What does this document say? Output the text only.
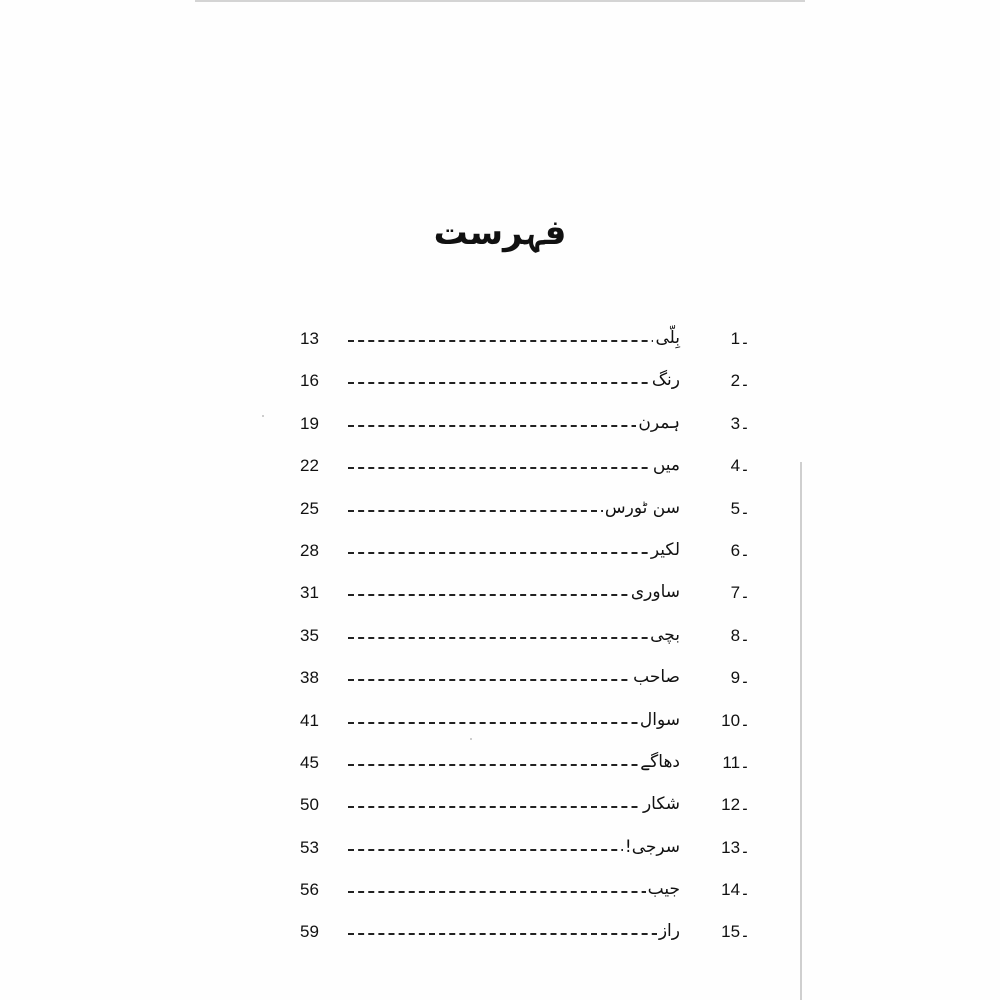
فہرست
1۔
بِلّی
13
2۔
رنگ
16
3۔
ہمرن
19
4۔
میں
22
5۔
سن ٹورس
25
6۔
لکیر
28
7۔
ساوری
31
8۔
بچی
35
9۔
صاحب
38
10۔
سوال
41
11۔
دھاگے
45
12۔
شکار
50
13۔
سرجی!
53
14۔
جیب
56
15۔
راز
59
